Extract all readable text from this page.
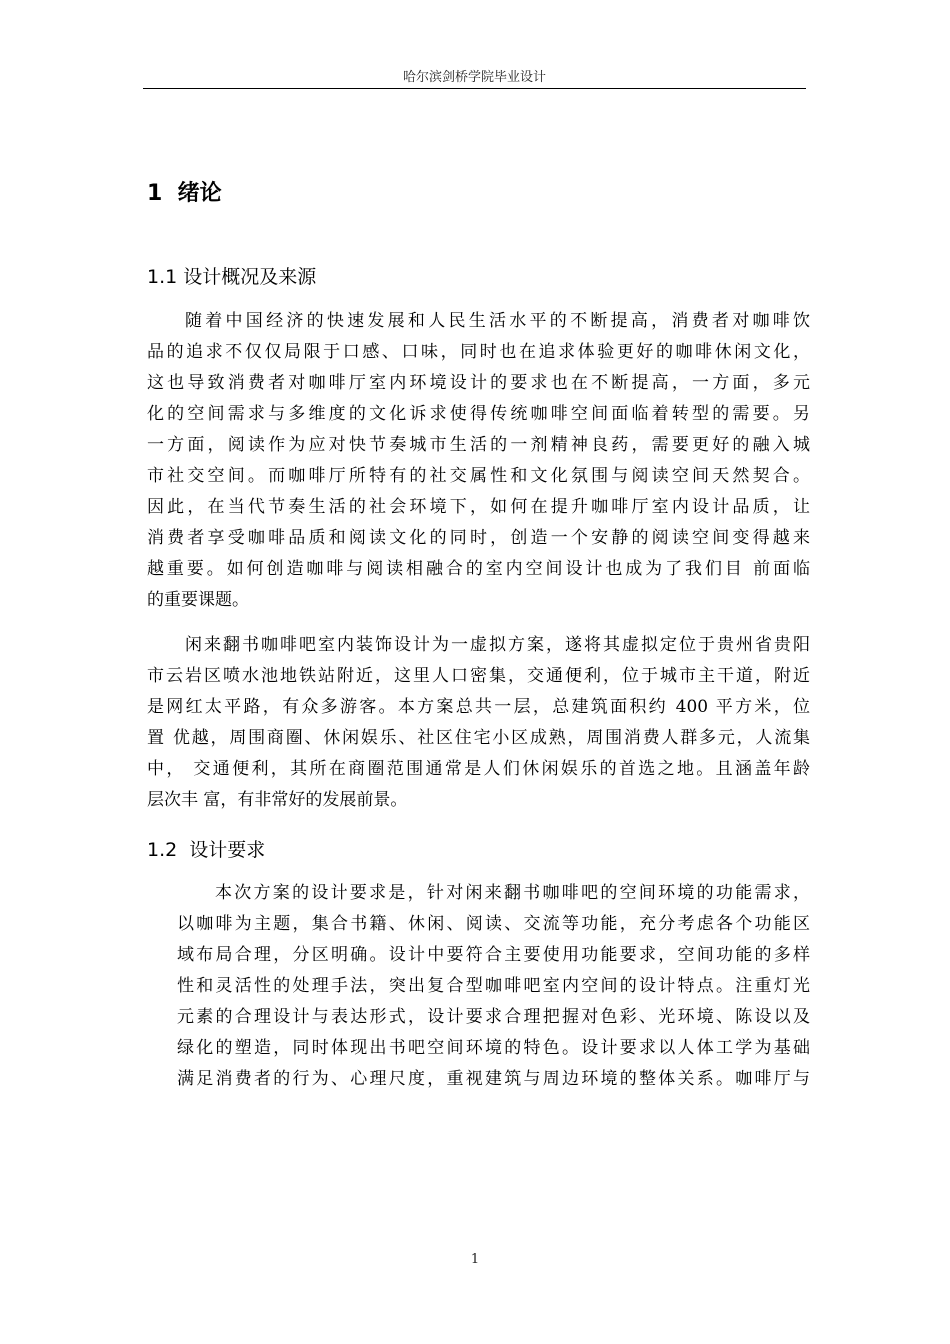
哈尔滨剑桥学院毕业设计
1  绪论
1.1 设计概况及来源
随着中国经济的快速发展和人民生活水平的不断提高，消费者对咖啡饮
品的追求不仅仅局限于口感、口味，同时也在追求体验更好的咖啡休闲文化，
这也导致消费者对咖啡厅室内环境设计的要求也在不断提高，一方面，多元
化的空间需求与多维度的文化诉求使得传统咖啡空间面临着转型的需要。另
一方面，阅读作为应对快节奏城市生活的一剂精神良药，需要更好的融入城
市社交空间。而咖啡厅所特有的社交属性和文化氛围与阅读空间天然契合。
因此，在当代节奏生活的社会环境下，如何在提升咖啡厅室内设计品质，让
消费者享受咖啡品质和阅读文化的同时，创造一个安静的阅读空间变得越来
越重要。如何创造咖啡与阅读相融合的室内空间设计也成为了我们目 前面临
的重要课题。
闲来翻书咖啡吧室内装饰设计为一虚拟方案，遂将其虚拟定位于贵州省贵阳
市云岩区喷水池地铁站附近，这里人口密集，交通便利，位于城市主干道，附近
是网红太平路，有众多游客。本方案总共一层，总建筑面积约 400 平方米，位
置 优越，周围商圈、休闲娱乐、社区住宅小区成熟，周围消费人群多元，人流集
中， 交通便利，其所在商圈范围通常是人们休闲娱乐的首选之地。且涵盖年龄
层次丰 富，有非常好的发展前景。
1.2  设计要求
本次方案的设计要求是，针对闲来翻书咖啡吧的空间环境的功能需求，
以咖啡为主题，集合书籍、休闲、阅读、交流等功能，充分考虑各个功能区
域布局合理，分区明确。设计中要符合主要使用功能要求，空间功能的多样
性和灵活性的处理手法，突出复合型咖啡吧室内空间的设计特点。注重灯光
元素的合理设计与表达形式，设计要求合理把握对色彩、光环境、陈设以及
绿化的塑造，同时体现出书吧空间环境的特色。设计要求以人体工学为基础
满足消费者的行为、心理尺度，重视建筑与周边环境的整体关系。咖啡厅与
1
